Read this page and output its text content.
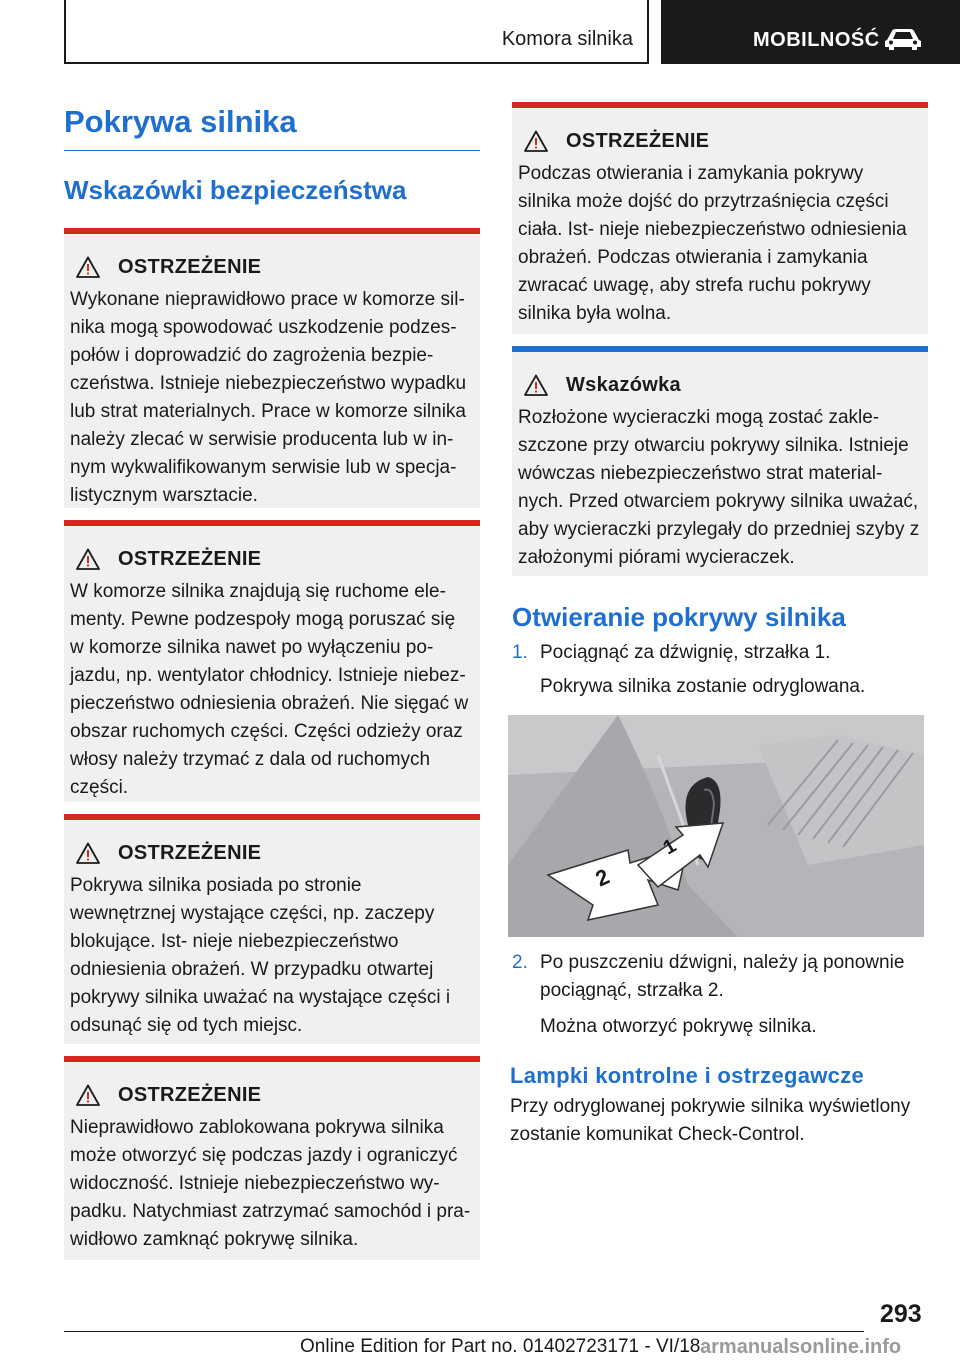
Komora silnika	MOBILNOŚĆ
Pokrywa silnika
Wskazówki bezpieczeństwa
OSTRZEŻENIE
Wykonane nieprawidłowo prace w komorze sil- nika mogą spowodować uszkodzenie podzes- połów i doprowadzić do zagrożenia bezpie- czeństwa. Istnieje niebezpieczeństwo wypadku lub strat materialnych. Prace w komorze silnika należy zlecać w serwisie producenta lub w in- nym wykwalifikowanym serwisie lub w specja- listycznym warsztacie.
OSTRZEŻENIE
W komorze silnika znajdują się ruchome ele- menty. Pewne podzespoły mogą poruszać się w komorze silnika nawet po wyłączeniu po- jazdu, np. wentylator chłodnicy. Istnieje niebez- pieczeństwo odniesienia obrażeń. Nie sięgać w obszar ruchomych części. Części odzieży oraz włosy należy trzymać z dala od ruchomych części.
OSTRZEŻENIE
Pokrywa silnika posiada po stronie wewnętrznej wystające części, np. zaczepy blokujące. Ist- nieje niebezpieczeństwo odniesienia obrażeń. W przypadku otwartej pokrywy silnika uważać na wystające części i odsunąć się od tych miejsc.
OSTRZEŻENIE
Nieprawidłowo zablokowana pokrywa silnika może otworzyć się podczas jazdy i ograniczyć widoczność. Istnieje niebezpieczeństwo wy- padku. Natychmiast zatrzymać samochód i pra- widłowo zamknąć pokrywę silnika.
OSTRZEŻENIE
Podczas otwierania i zamykania pokrywy silnika może dojść do przytrzaśnięcia części ciała. Ist- nieje niebezpieczeństwo odniesienia obrażeń. Podczas otwierania i zamykania zwracać uwagę, aby strefa ruchu pokrywy silnika była wolna.
Wskazówka
Rozłożone wycieraczki mogą zostać zakle- szczone przy otwarciu pokrywy silnika. Istnieje wówczas niebezpieczeństwo strat material- nych. Przed otwarciem pokrywy silnika uważać, aby wycieraczki przylegały do przedniej szyby z założonymi piórami wycieraczek.
Otwieranie pokrywy silnika
1. Pociągnąć za dźwignię, strzałka 1.
Pokrywa silnika zostanie odryglowana.
2
1
2. Po puszczeniu dźwigni, należy ją ponownie pociągnąć, strzałka 2.
Można otworzyć pokrywę silnika.
Lampki kontrolne i ostrzegawcze
Przy odryglowanej pokrywie silnika wyświetlony zostanie komunikat Check-Control.
293
Online Edition for Part no. 01402723171 - VI/18 armanualsonline.info
